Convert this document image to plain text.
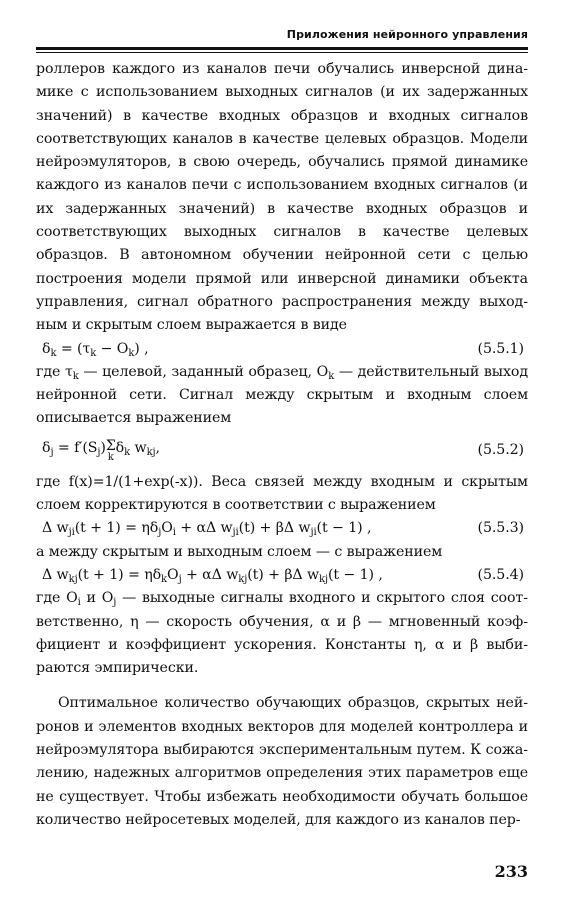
Приложения нейронного управления

роллеров каждого из каналов печи обучались инверсной динамике с использованием выходных сигналов (и их задержанных значений) в качестве входных образцов и входных сигналов соответствующих каналов в качестве целевых образцов. Модели нейроэмуляторов, в свою очередь, обучались прямой динамике каждого из каналов печи с использованием входных сигналов (и их задержанных значений) в качестве входных образцов и соответствующих выходных сигналов в качестве целевых образцов. В автономном обучении нейронной сети с целью построения модели прямой или инверсной динамики объекта управления, сигнал обратного распространения между выходным и скрытым слоем выражается в виде

$\delta_k = (\tau_k - O_k)$ ,	(5.5.1)

где $\tau_k$ — целевой, заданный образец, $O_k$ — действительный выход нейронной сети. Сигнал между скрытым и входным слоем описывается выражением

$\delta_j = f'(S_j)$ Σ
k
$\delta_k$ $w_{kj}$,	(5.5.2)

где f(x)=1/(1+exp(-x)). Веса связей между входным и скрытым слоем корректируются в соответствии с выражением

Δ $w_{ji}(t + 1) = \eta\delta_jO_i + \alpha\Delta$ $w_{ji}(t) + \beta\Delta$ $w_{ji}(t - 1)$ ,	(5.5.3)

а между скрытым и выходным слоем — с выражением

Δ $w_{kj}(t + 1) = \eta\delta_kO_j + \alpha\Delta$ $w_{kj}(t) + \beta\Delta$ $w_{kj}(t - 1)$ ,	(5.5.4)

где $O_i$ и $O_j$ — выходные сигналы входного и скрытого слоя соответственно, η — скорость обучения, α и β — мгновенный коэффициент и коэффициент ускорения. Константы η, α и β выбираются эмпирически.

Оптимальное количество обучающих образцов, скрытых нейронов и элементов входных векторов для моделей контроллера и нейроэмулятора выбираются экспериментальным путем. К сожалению, надежных алгоритмов определения этих параметров еще не существует. Чтобы избежать необходимости обучать большое количество нейросетевых моделей, для каждого из каналов пер-

233
